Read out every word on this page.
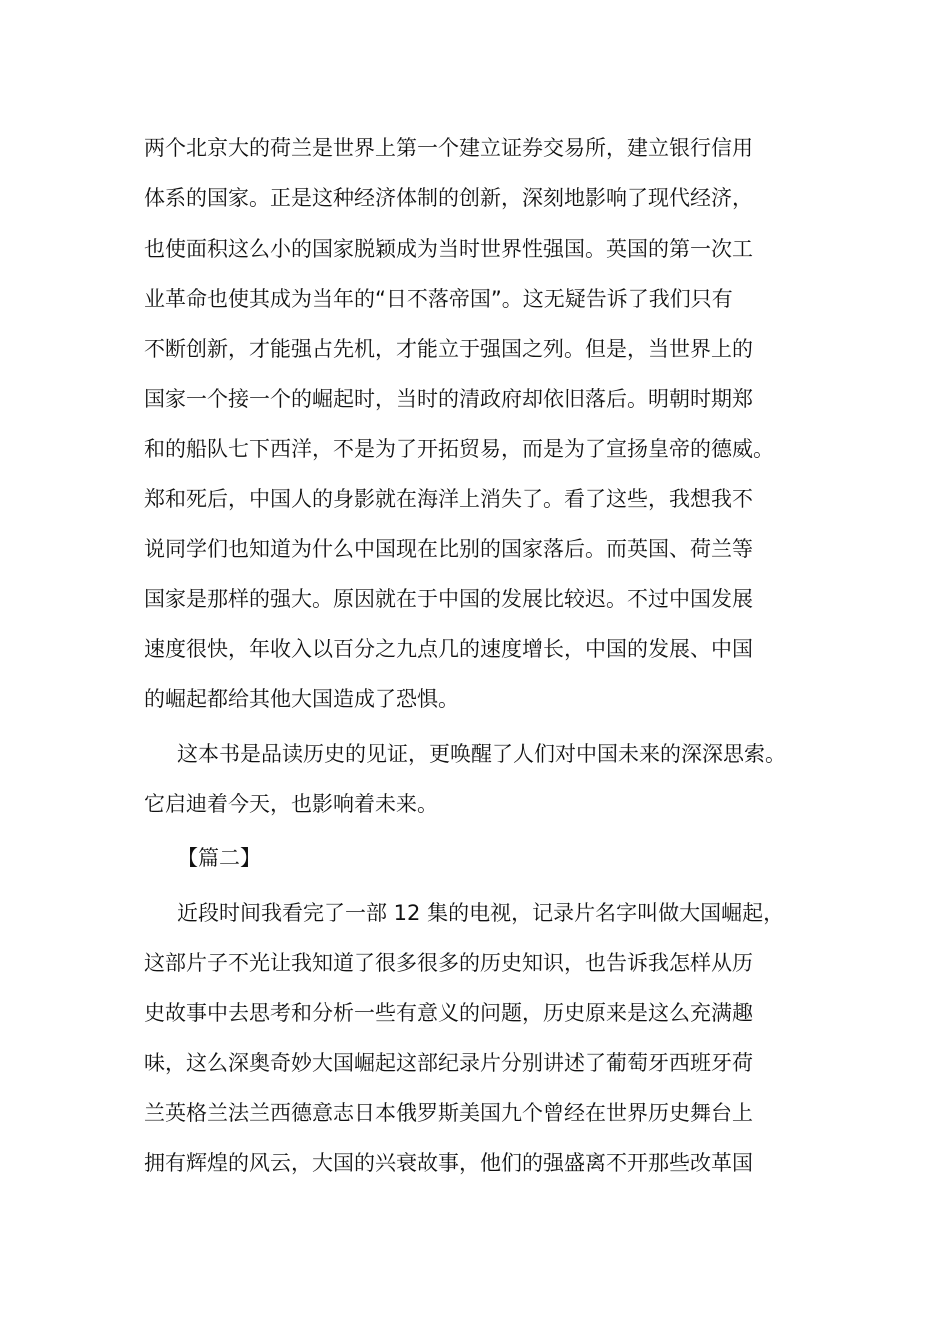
两个北京大的荷兰是世界上第一个建立证券交易所，建立银行信用
体系的国家。正是这种经济体制的创新，深刻地影响了现代经济，
也使面积这么小的国家脱颖成为当时世界性强国。英国的第一次工
业革命也使其成为当年的“日不落帝国”。这无疑告诉了我们只有
不断创新，才能强占先机，才能立于强国之列。但是，当世界上的
国家一个接一个的崛起时，当时的清政府却依旧落后。明朝时期郑
和的船队七下西洋，不是为了开拓贸易，而是为了宣扬皇帝的德威。
郑和死后，中国人的身影就在海洋上消失了。看了这些，我想我不
说同学们也知道为什么中国现在比别的国家落后。而英国、荷兰等
国家是那样的强大。原因就在于中国的发展比较迟。不过中国发展
速度很快，年收入以百分之九点几的速度增长，中国的发展、中国
的崛起都给其他大国造成了恐惧。
这本书是品读历史的见证，更唤醒了人们对中国未来的深深思索。
它启迪着今天，也影响着未来。
【篇二】
近段时间我看完了一部 12 集的电视，记录片名字叫做大国崛起，
这部片子不光让我知道了很多很多的历史知识，也告诉我怎样从历
史故事中去思考和分析一些有意义的问题，历史原来是这么充满趣
味，这么深奥奇妙大国崛起这部纪录片分别讲述了葡萄牙西班牙荷
兰英格兰法兰西德意志日本俄罗斯美国九个曾经在世界历史舞台上
拥有辉煌的风云，大国的兴衰故事，他们的强盛离不开那些改革国
